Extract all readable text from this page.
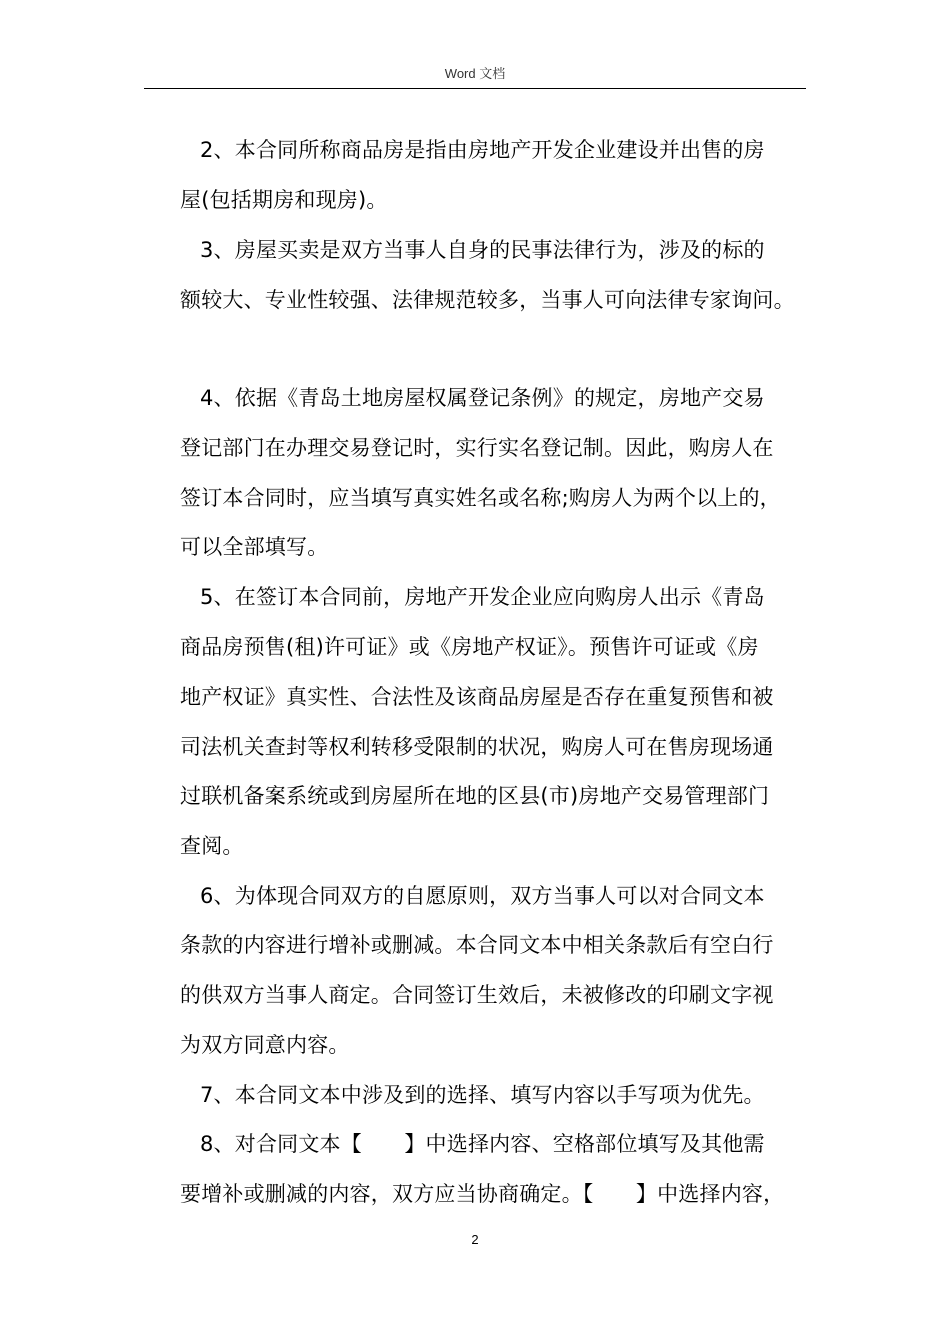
Word 文档
2、本合同所称商品房是指由房地产开发企业建设并出售的房
屋(包括期房和现房)。
3、房屋买卖是双方当事人自身的民事法律行为，涉及的标的
额较大、专业性较强、法律规范较多，当事人可向法律专家询问。
4、依据《青岛土地房屋权属登记条例》的规定，房地产交易
登记部门在办理交易登记时，实行实名登记制。因此，购房人在
签订本合同时，应当填写真实姓名或名称;购房人为两个以上的，
可以全部填写。
5、在签订本合同前，房地产开发企业应向购房人出示《青岛
商品房预售(租)许可证》或《房地产权证》。预售许可证或《房
地产权证》真实性、合法性及该商品房屋是否存在重复预售和被
司法机关查封等权利转移受限制的状况，购房人可在售房现场通
过联机备案系统或到房屋所在地的区县(市)房地产交易管理部门
查阅。
6、为体现合同双方的自愿原则，双方当事人可以对合同文本
条款的内容进行增补或删减。本合同文本中相关条款后有空白行
的供双方当事人商定。合同签订生效后，未被修改的印刷文字视
为双方同意内容。
7、本合同文本中涉及到的选择、填写内容以手写项为优先。
8、对合同文本【　　】中选择内容、空格部位填写及其他需
要增补或删减的内容，双方应当协商确定。【　　】中选择内容，
2
